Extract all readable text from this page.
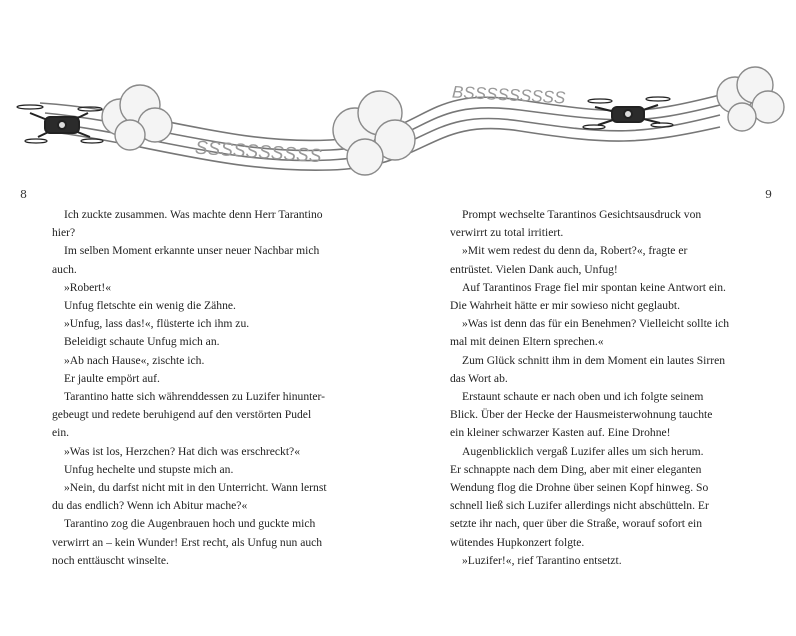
SSSSSSSSSS
BSSSSSSSSS
8	9
Ich zuckte zusammen. Was machte denn Herr Tarantino
hier?
Im selben Moment erkannte unser neuer Nachbar mich
auch.
»Robert!«
Unfug fletschte ein wenig die Zähne.
»Unfug, lass das!«, flüsterte ich ihm zu.
Beleidigt schaute Unfug mich an.
»Ab nach Hause«, zischte ich.
Er jaulte empört auf.
Tarantino hatte sich währenddessen zu Luzifer hinunter-
gebeugt und redete beruhigend auf den verstörten Pudel
ein.
»Was ist los, Herzchen? Hat dich was erschreckt?«
Unfug hechelte und stupste mich an.
»Nein, du darfst nicht mit in den Unterricht. Wann lernst
du das endlich? Wenn ich Abitur mache?«
Tarantino zog die Augenbrauen hoch und guckte mich
verwirrt an – kein Wunder! Erst recht, als Unfug nun auch
noch enttäuscht winselte.
Prompt wechselte Tarantinos Gesichtsausdruck von
verwirrt zu total irritiert.
»Mit wem redest du denn da, Robert?«, fragte er
entrüstet. Vielen Dank auch, Unfug!
Auf Tarantinos Frage fiel mir spontan keine Antwort ein.
Die Wahrheit hätte er mir sowieso nicht geglaubt.
»Was ist denn das für ein Benehmen? Vielleicht sollte ich
mal mit deinen Eltern sprechen.«
Zum Glück schnitt ihm in dem Moment ein lautes Sirren
das Wort ab.
Erstaunt schaute er nach oben und ich folgte seinem
Blick. Über der Hecke der Hausmeisterwohnung tauchte
ein kleiner schwarzer Kasten auf. Eine Drohne!
Augenblicklich vergaß Luzifer alles um sich herum.
Er schnappte nach dem Ding, aber mit einer eleganten
Wendung flog die Drohne über seinen Kopf hinweg. So
schnell ließ sich Luzifer allerdings nicht abschütteln. Er
setzte ihr nach, quer über die Straße, worauf sofort ein
wütendes Hupkonzert folgte.
»Luzifer!«, rief Tarantino entsetzt.
